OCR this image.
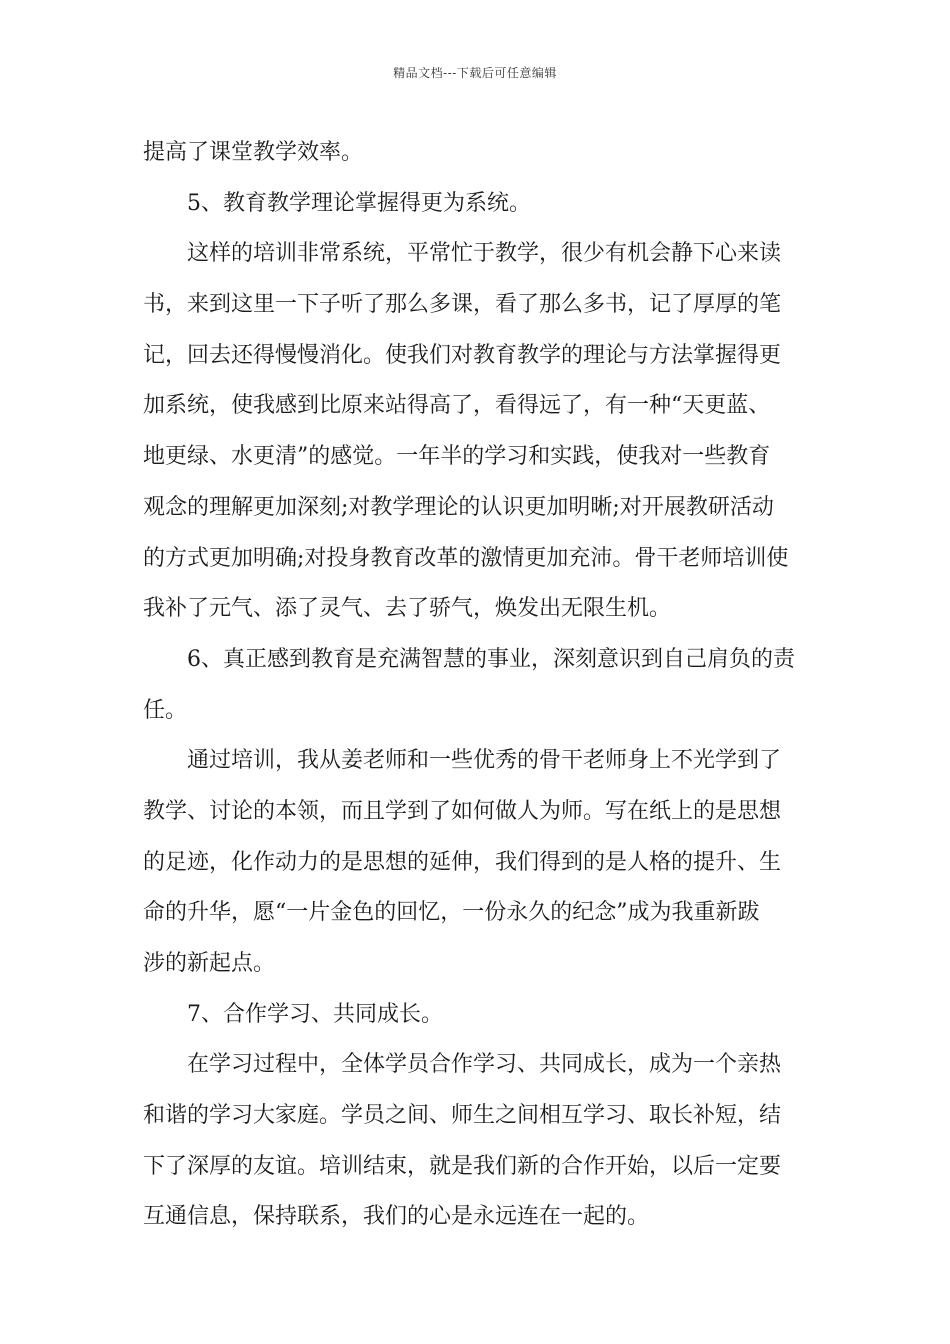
精品文档---下载后可任意编辑
提高了课堂教学效率。
5、教育教学理论掌握得更为系统。
这样的培训非常系统，平常忙于教学，很少有机会静下心来读
书，来到这里一下子听了那么多课，看了那么多书，记了厚厚的笔
记，回去还得慢慢消化。使我们对教育教学的理论与方法掌握得更
加系统，使我感到比原来站得高了，看得远了，有一种“天更蓝、
地更绿、水更清”的感觉。一年半的学习和实践，使我对一些教育
观念的理解更加深刻;对教学理论的认识更加明晰;对开展教研活动
的方式更加明确;对投身教育改革的激情更加充沛。骨干老师培训使
我补了元气、添了灵气、去了骄气，焕发出无限生机。
6、真正感到教育是充满智慧的事业，深刻意识到自己肩负的责
任。
通过培训，我从姜老师和一些优秀的骨干老师身上不光学到了
教学、讨论的本领，而且学到了如何做人为师。写在纸上的是思想
的足迹，化作动力的是思想的延伸，我们得到的是人格的提升、生
命的升华，愿“一片金色的回忆，一份永久的纪念”成为我重新跋
涉的新起点。
7、合作学习、共同成长。
在学习过程中，全体学员合作学习、共同成长，成为一个亲热
和谐的学习大家庭。学员之间、师生之间相互学习、取长补短，结
下了深厚的友谊。培训结束，就是我们新的合作开始，以后一定要
互通信息，保持联系，我们的心是永远连在一起的。
